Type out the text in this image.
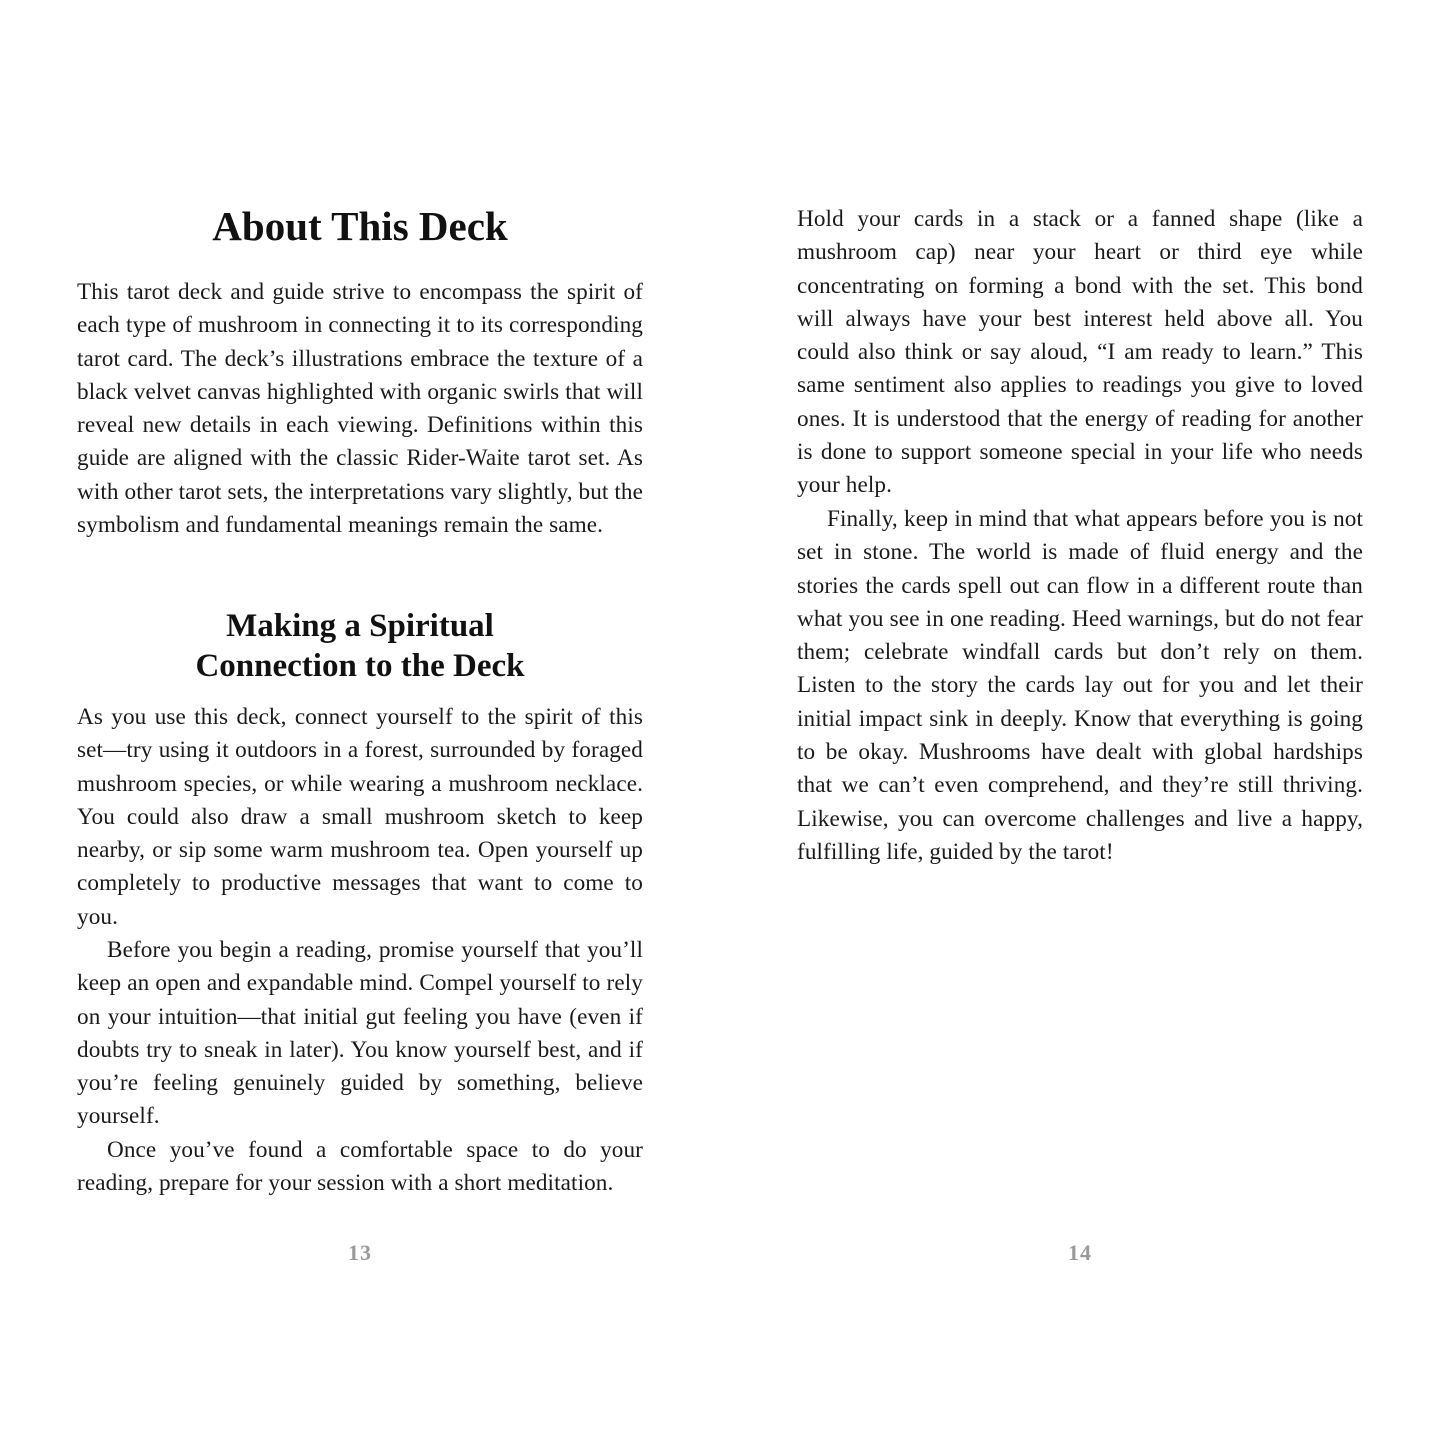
About This Deck

This tarot deck and guide strive to encompass the spirit of each type of mushroom in connecting it to its corresponding tarot card. The deck’s illustrations embrace the texture of a black velvet canvas highlighted with organic swirls that will reveal new details in each viewing. Definitions within this guide are aligned with the classic Rider-Waite tarot set. As with other tarot sets, the interpretations vary slightly, but the symbolism and fundamental meanings remain the same.

Making a Spiritual
Connection to the Deck

As you use this deck, connect yourself to the spirit of this set—try using it outdoors in a forest, surrounded by foraged mushroom species, or while wearing a mushroom necklace. You could also draw a small mushroom sketch to keep nearby, or sip some warm mushroom tea. Open yourself up completely to productive messages that want to come to you.

Before you begin a reading, promise yourself that you’ll keep an open and expandable mind. Compel yourself to rely on your intuition—that initial gut feeling you have (even if doubts try to sneak in later). You know yourself best, and if you’re feeling genuinely guided by something, believe yourself.

Once you’ve found a comfortable space to do your reading, prepare for your session with a short meditation.

13

Hold your cards in a stack or a fanned shape (like a mushroom cap) near your heart or third eye while concentrating on forming a bond with the set. This bond will always have your best interest held above all. You could also think or say aloud, “I am ready to learn.” This same sentiment also applies to readings you give to loved ones. It is understood that the energy of reading for another is done to support someone special in your life who needs your help.

Finally, keep in mind that what appears before you is not set in stone. The world is made of fluid energy and the stories the cards spell out can flow in a different route than what you see in one reading. Heed warnings, but do not fear them; celebrate windfall cards but don’t rely on them. Listen to the story the cards lay out for you and let their initial impact sink in deeply. Know that everything is going to be okay. Mushrooms have dealt with global hardships that we can’t even comprehend, and they’re still thriving. Likewise, you can overcome challenges and live a happy, fulfilling life, guided by the tarot!

14
